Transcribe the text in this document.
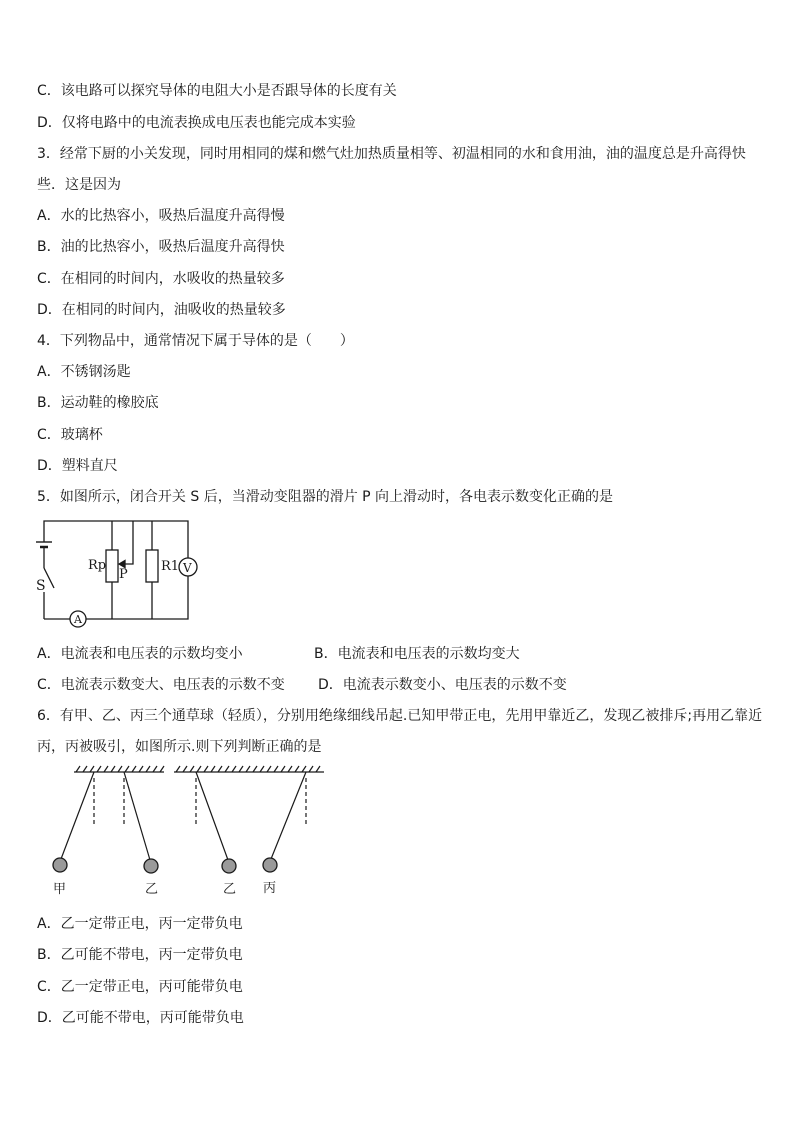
C．该电路可以探究导体的电阻大小是否跟导体的长度有关
D．仅将电路中的电流表换成电压表也能完成本实验
3．经常下厨的小关发现，同时用相同的煤和燃气灶加热质量相等、初温相同的水和食用油，油的温度总是升高得快
些．这是因为
A．水的比热容小，吸热后温度升高得慢
B．油的比热容小，吸热后温度升高得快
C．在相同的时间内，水吸收的热量较多
D．在相同的时间内，油吸收的热量较多
4．下列物品中，通常情况下属于导体的是（　　）
A．不锈钢汤匙
B．运动鞋的橡胶底
C．玻璃杯
D．塑料直尺
5．如图所示，闭合开关 S 后，当滑动变阻器的滑片 P 向上滑动时，各电表示数变化正确的是
S
Rp
P
R1 V
A
A．电流表和电压表的示数均变小	B．电流表和电压表的示数均变大
C．电流表示数变大、电压表的示数不变 D．电流表示数变小、电压表的示数不变
6．有甲、乙、丙三个通草球（轻质），分别用绝缘细线吊起.已知甲带正电，先用甲靠近乙，发现乙被排斥;再用乙靠近
丙，丙被吸引，如图所示.则下列判断正确的是
甲	乙	乙 丙
A．乙一定带正电，丙一定带负电
B．乙可能不带电，丙一定带负电
C．乙一定带正电，丙可能带负电
D．乙可能不带电，丙可能带负电
